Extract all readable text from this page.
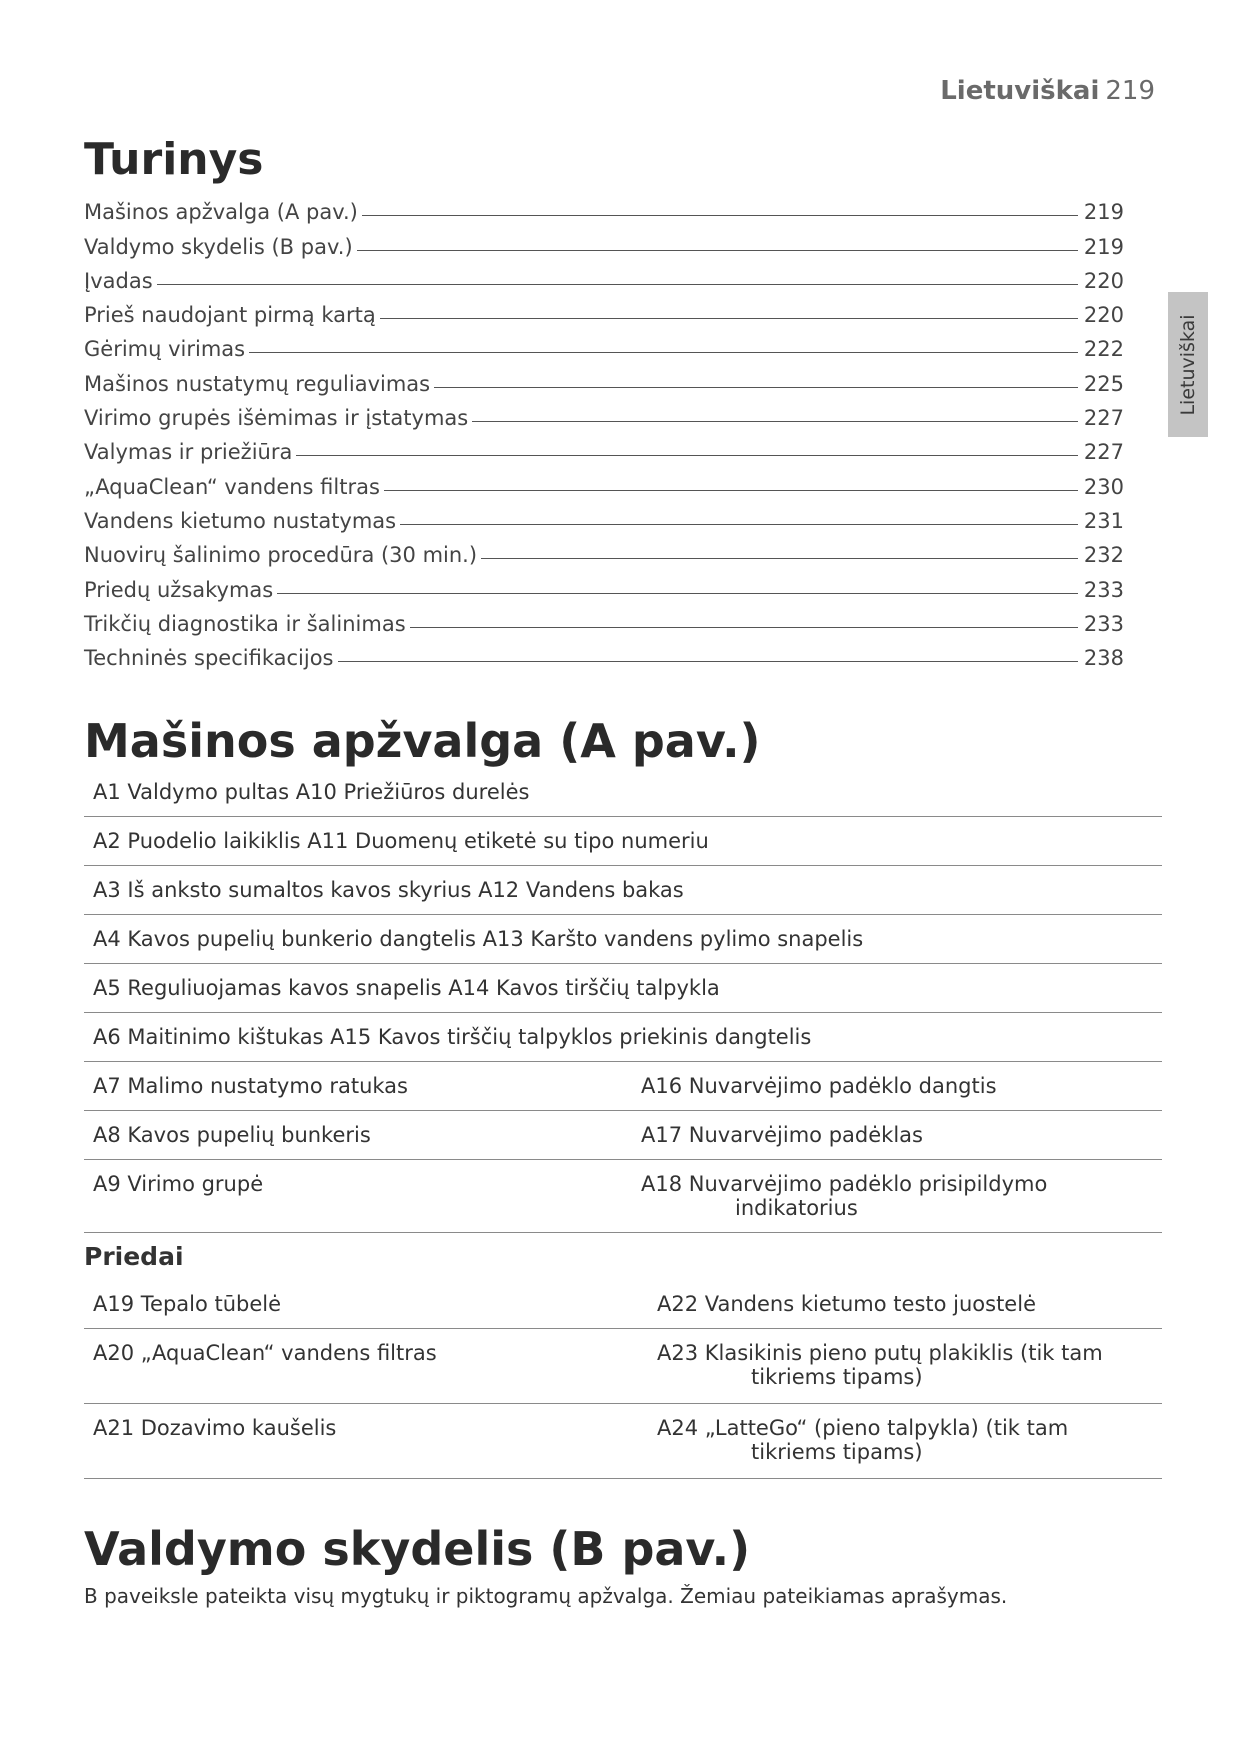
Lietuviškai 219
Lietuviškai
Turinys
Mašinos apžvalga (A pav.)	219
Valdymo skydelis (B pav.)	219
Įvadas	220
Prieš naudojant pirmą kartą	220
Gėrimų virimas	222
Mašinos nustatymų reguliavimas	225
Virimo grupės išėmimas ir įstatymas	227
Valymas ir priežiūra	227
„AquaClean“ vandens filtras	230
Vandens kietumo nustatymas	231
Nuovirų šalinimo procedūra (30 min.)	232
Priedų užsakymas	233
Trikčių diagnostika ir šalinimas	233
Techninės specifikacijos	238
Mašinos apžvalga (A pav.)
A1 Valdymo pultas A10 Priežiūros durelės
A2 Puodelio laikiklis A11 Duomenų etiketė su tipo numeriu
A3 Iš anksto sumaltos kavos skyrius A12 Vandens bakas
A4 Kavos pupelių bunkerio dangtelis A13 Karšto vandens pylimo snapelis
A5 Reguliuojamas kavos snapelis A14 Kavos tirščių talpykla
A6 Maitinimo kištukas A15 Kavos tirščių talpyklos priekinis dangtelis
A7 Malimo nustatymo ratukas	A16 Nuvarvėjimo padėklo dangtis
A8 Kavos pupelių bunkeris	A17 Nuvarvėjimo padėklas
A9 Virimo grupė	A18 Nuvarvėjimo padėklo prisipildymo
indikatorius
Priedai
A19 Tepalo tūbelė	A22 Vandens kietumo testo juostelė
A20 „AquaClean“ vandens filtras	A23 Klasikinis pieno putų plakiklis (tik tam
tikriems tipams)
A21 Dozavimo kaušelis	A24 „LatteGo“ (pieno talpykla) (tik tam
tikriems tipams)
Valdymo skydelis (B pav.)
B paveiksle pateikta visų mygtukų ir piktogramų apžvalga. Žemiau pateikiamas aprašymas.
